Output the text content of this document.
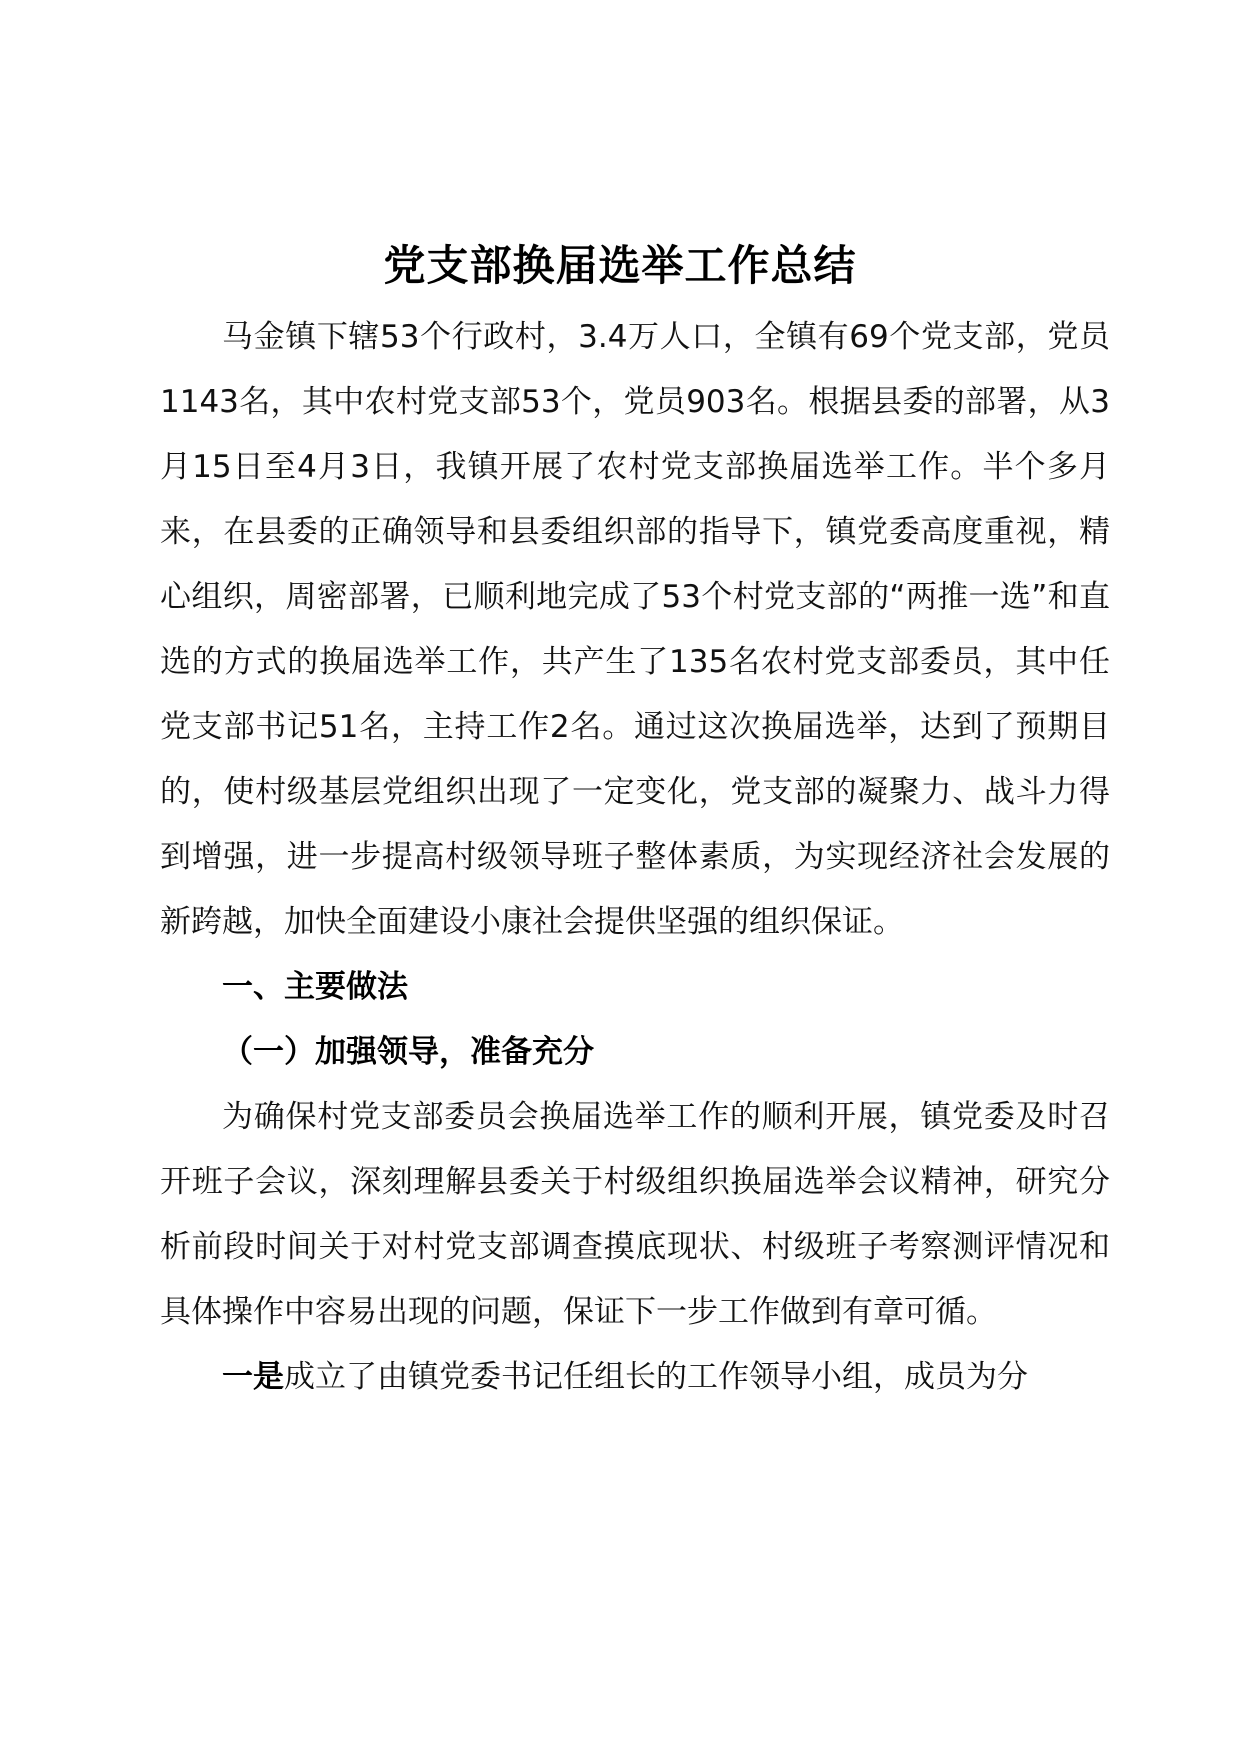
党支部换届选举工作总结

马金镇下辖53个行政村，3.4万人口，全镇有69个党支部，党员1143名，其中农村党支部53个，党员903名。根据县委的部署，从3月15日至4月3日，我镇开展了农村党支部换届选举工作。半个多月来，在县委的正确领导和县委组织部的指导下，镇党委高度重视，精心组织，周密部署，已顺利地完成了53个村党支部的“两推一选”和直选的方式的换届选举工作，共产生了135名农村党支部委员，其中任党支部书记51名，主持工作2名。通过这次换届选举，达到了预期目的，使村级基层党组织出现了一定变化，党支部的凝聚力、战斗力得到增强，进一步提高村级领导班子整体素质，为实现经济社会发展的新跨越，加快全面建设小康社会提供坚强的组织保证。

一、主要做法

（一）加强领导，准备充分

为确保村党支部委员会换届选举工作的顺利开展，镇党委及时召开班子会议，深刻理解县委关于村级组织换届选举会议精神，研究分析前段时间关于对村党支部调查摸底现状、村级班子考察测评情况和具体操作中容易出现的问题，保证下一步工作做到有章可循。

一是成立了由镇党委书记任组长的工作领导小组，成员为分
